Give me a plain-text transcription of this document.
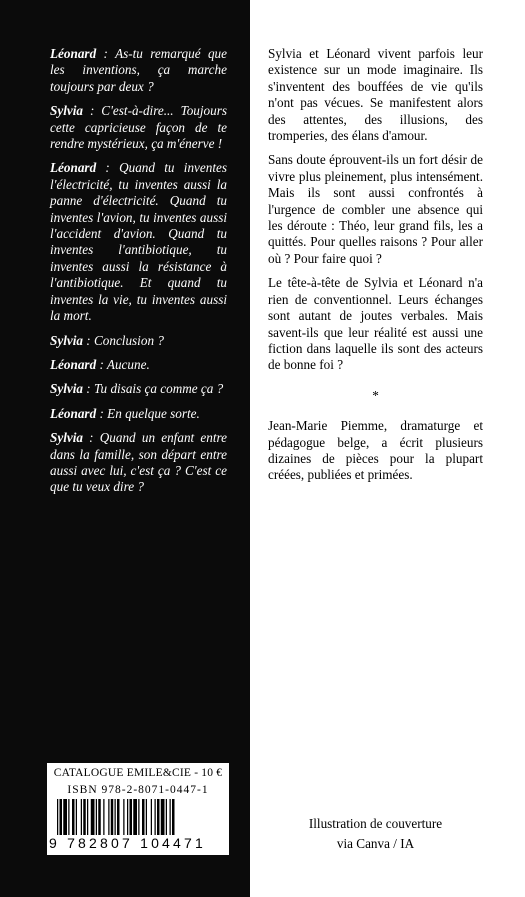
Léonard : As-tu remarqué que les inventions, ça marche toujours par deux ?

Sylvia : C'est-à-dire... Toujours cette capricieuse façon de te rendre mystérieux, ça m'énerve !

Léonard : Quand tu inventes l'électricité, tu inventes aussi la panne d'électricité. Quand tu inventes l'avion, tu inventes aussi l'accident d'avion. Quand tu inventes l'antibiotique, tu inventes aussi la résistance à l'antibiotique. Et quand tu inventes la vie, tu inventes aussi la mort.

Sylvia : Conclusion ?

Léonard : Aucune.

Sylvia : Tu disais ça comme ça ?

Léonard : En quelque sorte.

Sylvia : Quand un enfant entre dans la famille, son départ entre aussi avec lui, c'est ça ? C'est ce que tu veux dire ?

CATALOGUE EMILE&CIE - 10 €
ISBN 978-2-8071-0447-1
9 782807 104471

Sylvia et Léonard vivent parfois leur existence sur un mode imaginaire. Ils s'inventent des bouffées de vie qu'ils n'ont pas vécues. Se manifestent alors des attentes, des illusions, des tromperies, des élans d'amour.

Sans doute éprouvent-ils un fort désir de vivre plus pleinement, plus intensément. Mais ils sont aussi confrontés à l'urgence de combler une absence qui les déroute : Théo, leur grand fils, les a quittés. Pour quelles raisons ? Pour aller où ? Pour faire quoi ?

Le tête-à-tête de Sylvia et Léonard n'a rien de conventionnel. Leurs échanges sont autant de joutes verbales. Mais savent-ils que leur réalité est aussi une fiction dans laquelle ils sont des acteurs de bonne foi ?

*

Jean-Marie Piemme, dramaturge et pédagogue belge, a écrit plusieurs dizaines de pièces pour la plupart créées, publiées et primées.

Illustration de couverture
via Canva / IA
